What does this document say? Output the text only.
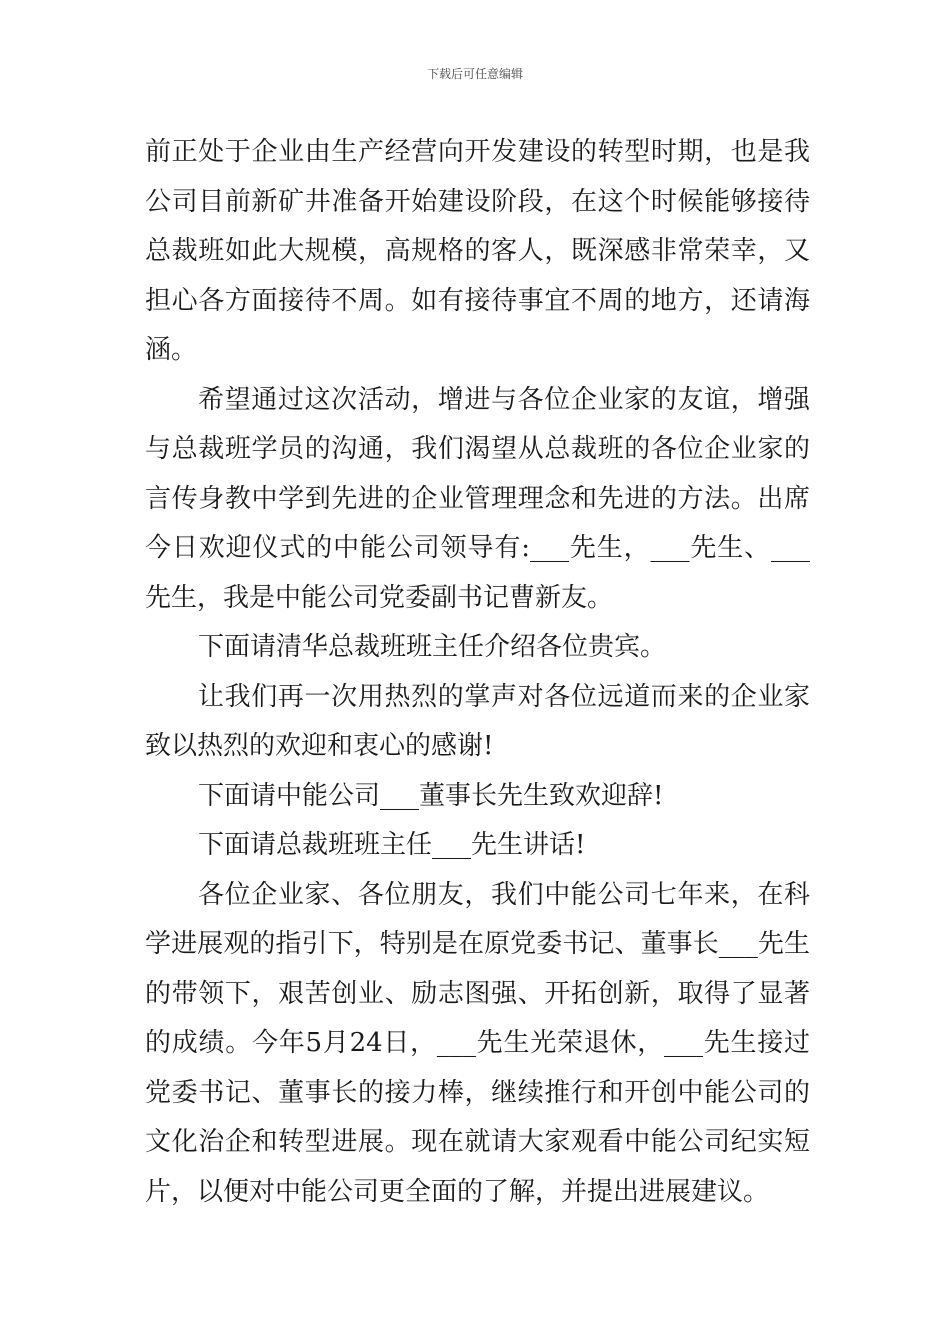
下载后可任意编辑
前正处于企业由生产经营向开发建设的转型时期，也是我
公司目前新矿井准备开始建设阶段，在这个时候能够接待
总裁班如此大规模，高规格的客人，既深感非常荣幸，又
担心各方面接待不周。如有接待事宜不周的地方，还请海
涵。
希望通过这次活动，增进与各位企业家的友谊，增强
与总裁班学员的沟通，我们渴望从总裁班的各位企业家的
言传身教中学到先进的企业管理理念和先进的方法。出席
今日欢迎仪式的中能公司领导有:___先生，___先生、___
先生，我是中能公司党委副书记曹新友。
下面请清华总裁班班主任介绍各位贵宾。
让我们再一次用热烈的掌声对各位远道而来的企业家
致以热烈的欢迎和衷心的感谢!
下面请中能公司___董事长先生致欢迎辞!
下面请总裁班班主任___先生讲话!
各位企业家、各位朋友，我们中能公司七年来，在科
学进展观的指引下，特别是在原党委书记、董事长___先生
的带领下，艰苦创业、励志图强、开拓创新，取得了显著
的成绩。今年5月24日，___先生光荣退休，___先生接过
党委书记、董事长的接力棒，继续推行和开创中能公司的
文化治企和转型进展。现在就请大家观看中能公司纪实短
片，以便对中能公司更全面的了解，并提出进展建议。
